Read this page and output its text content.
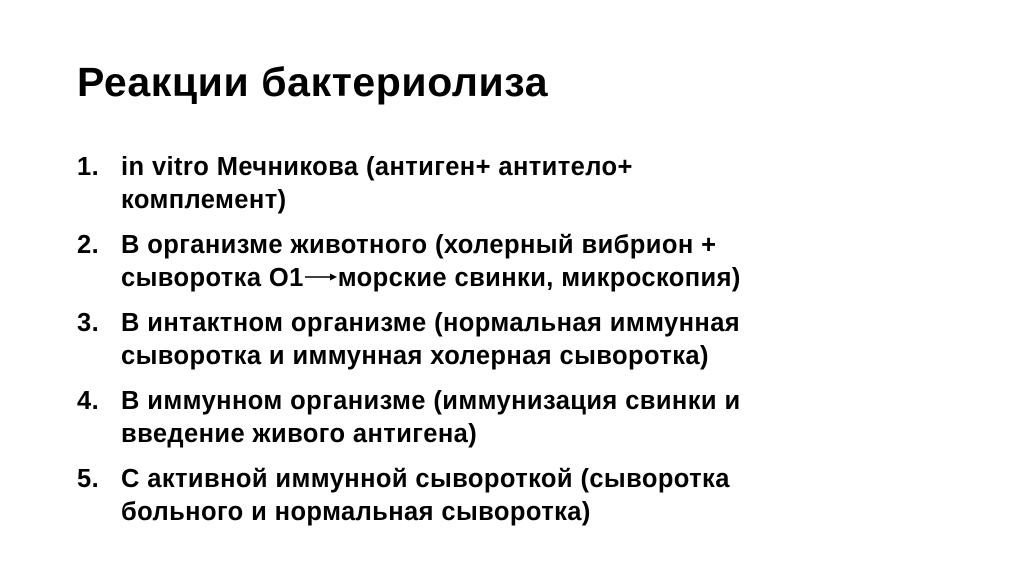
Реакции бактериолиза
1. in vitro Мечникова (антиген+ антитело+
комплемент)
2. В организме животного (холерный вибрион +
сыворотка О1 морские свинки, микроскопия)
3. В интактном организме (нормальная иммунная
сыворотка и иммунная холерная сыворотка)
4. В иммунном организме (иммунизация свинки и
введение живого антигена)
5. С активной иммунной сывороткой (сыворотка
больного и нормальная сыворотка)
